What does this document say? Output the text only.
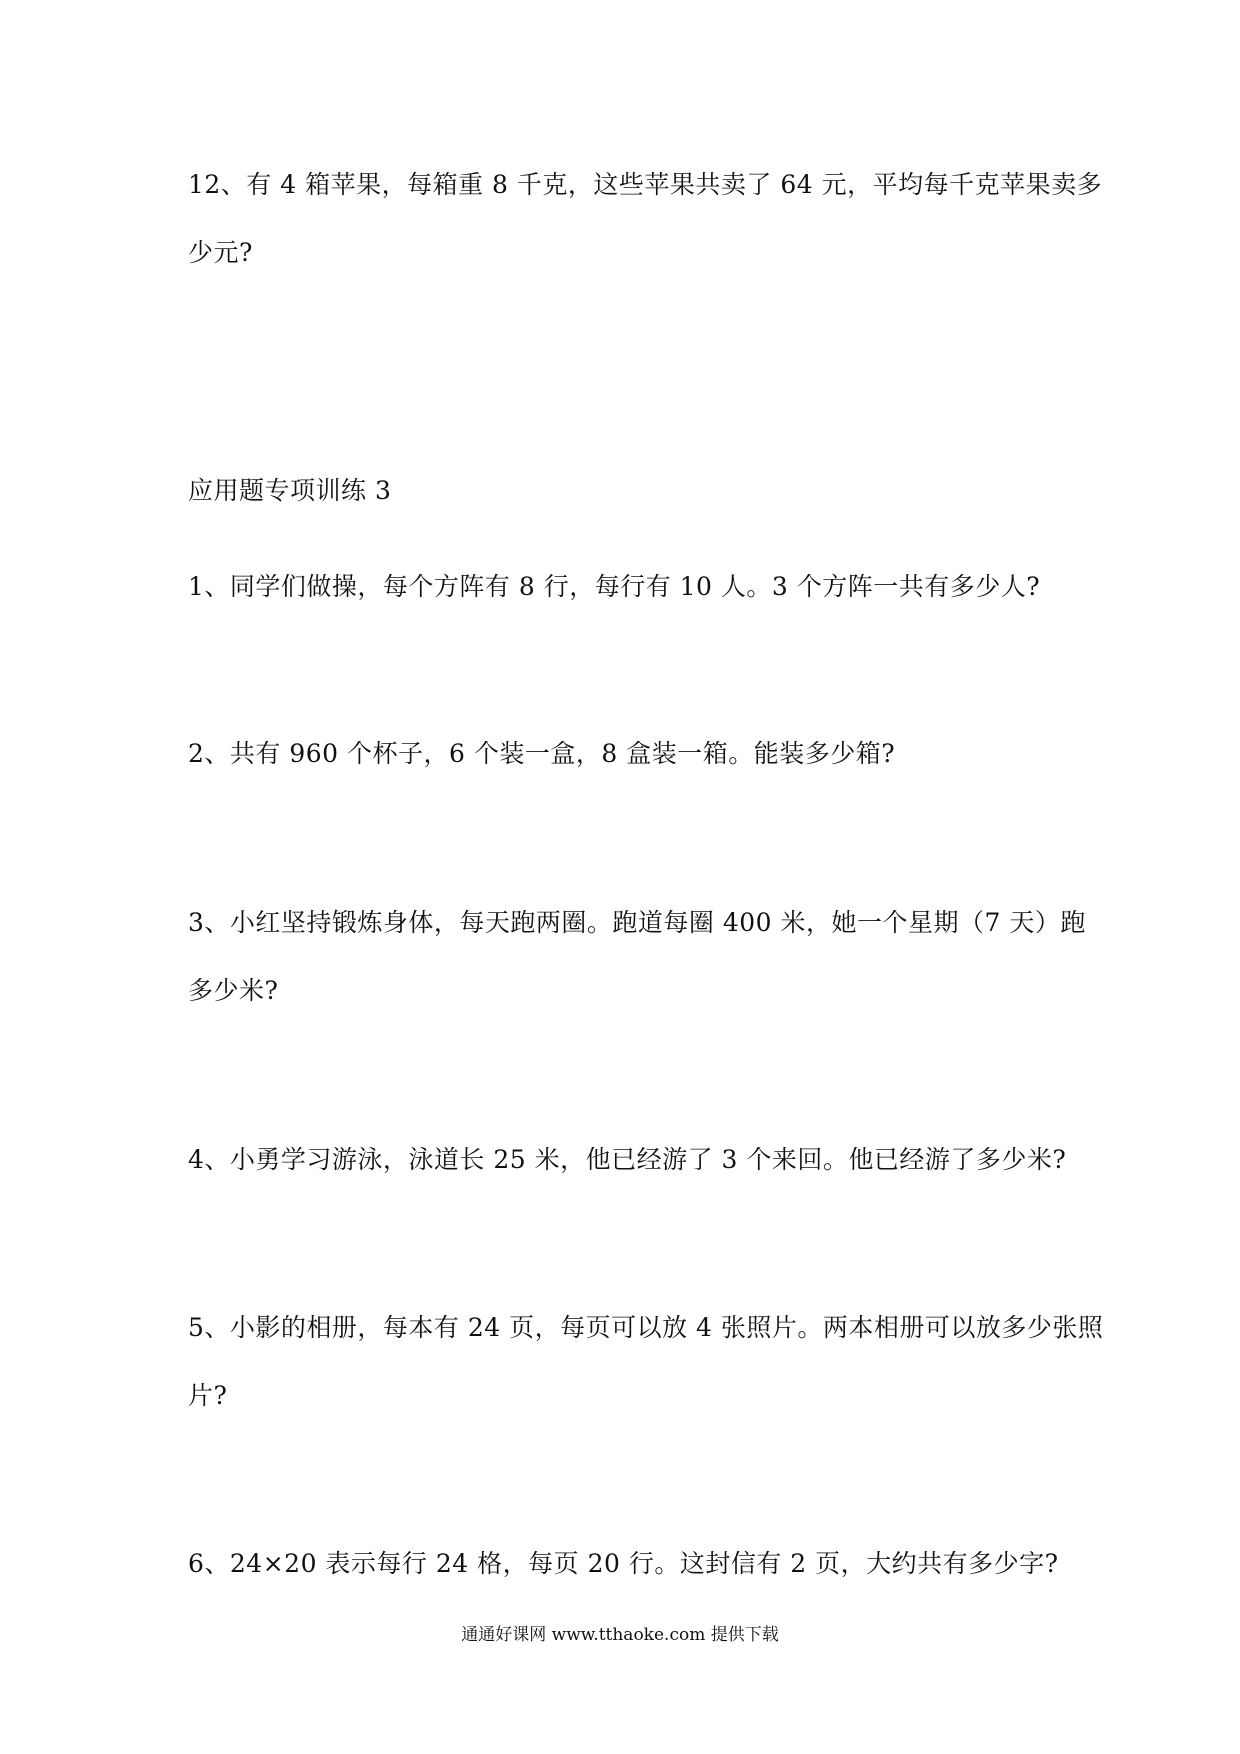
12、有 4 箱苹果，每箱重 8 千克，这些苹果共卖了 64 元，平均每千克苹果卖多

少元?

应用题专项训练 3

1、同学们做操，每个方阵有 8 行，每行有 10 人。3 个方阵一共有多少人?

2、共有 960 个杯子，6 个装一盒，8 盒装一箱。能装多少箱?

3、小红坚持锻炼身体，每天跑两圈。跑道每圈 400 米，她一个星期（7 天）跑

多少米?

4、小勇学习游泳，泳道长 25 米，他已经游了 3 个来回。他已经游了多少米?

5、小影的相册，每本有 24 页，每页可以放 4 张照片。两本相册可以放多少张照

片?

6、24×20 表示每行 24 格，每页 20 行。这封信有 2 页，大约共有多少字?

通通好课网 www.tthaoke.com 提供下载
